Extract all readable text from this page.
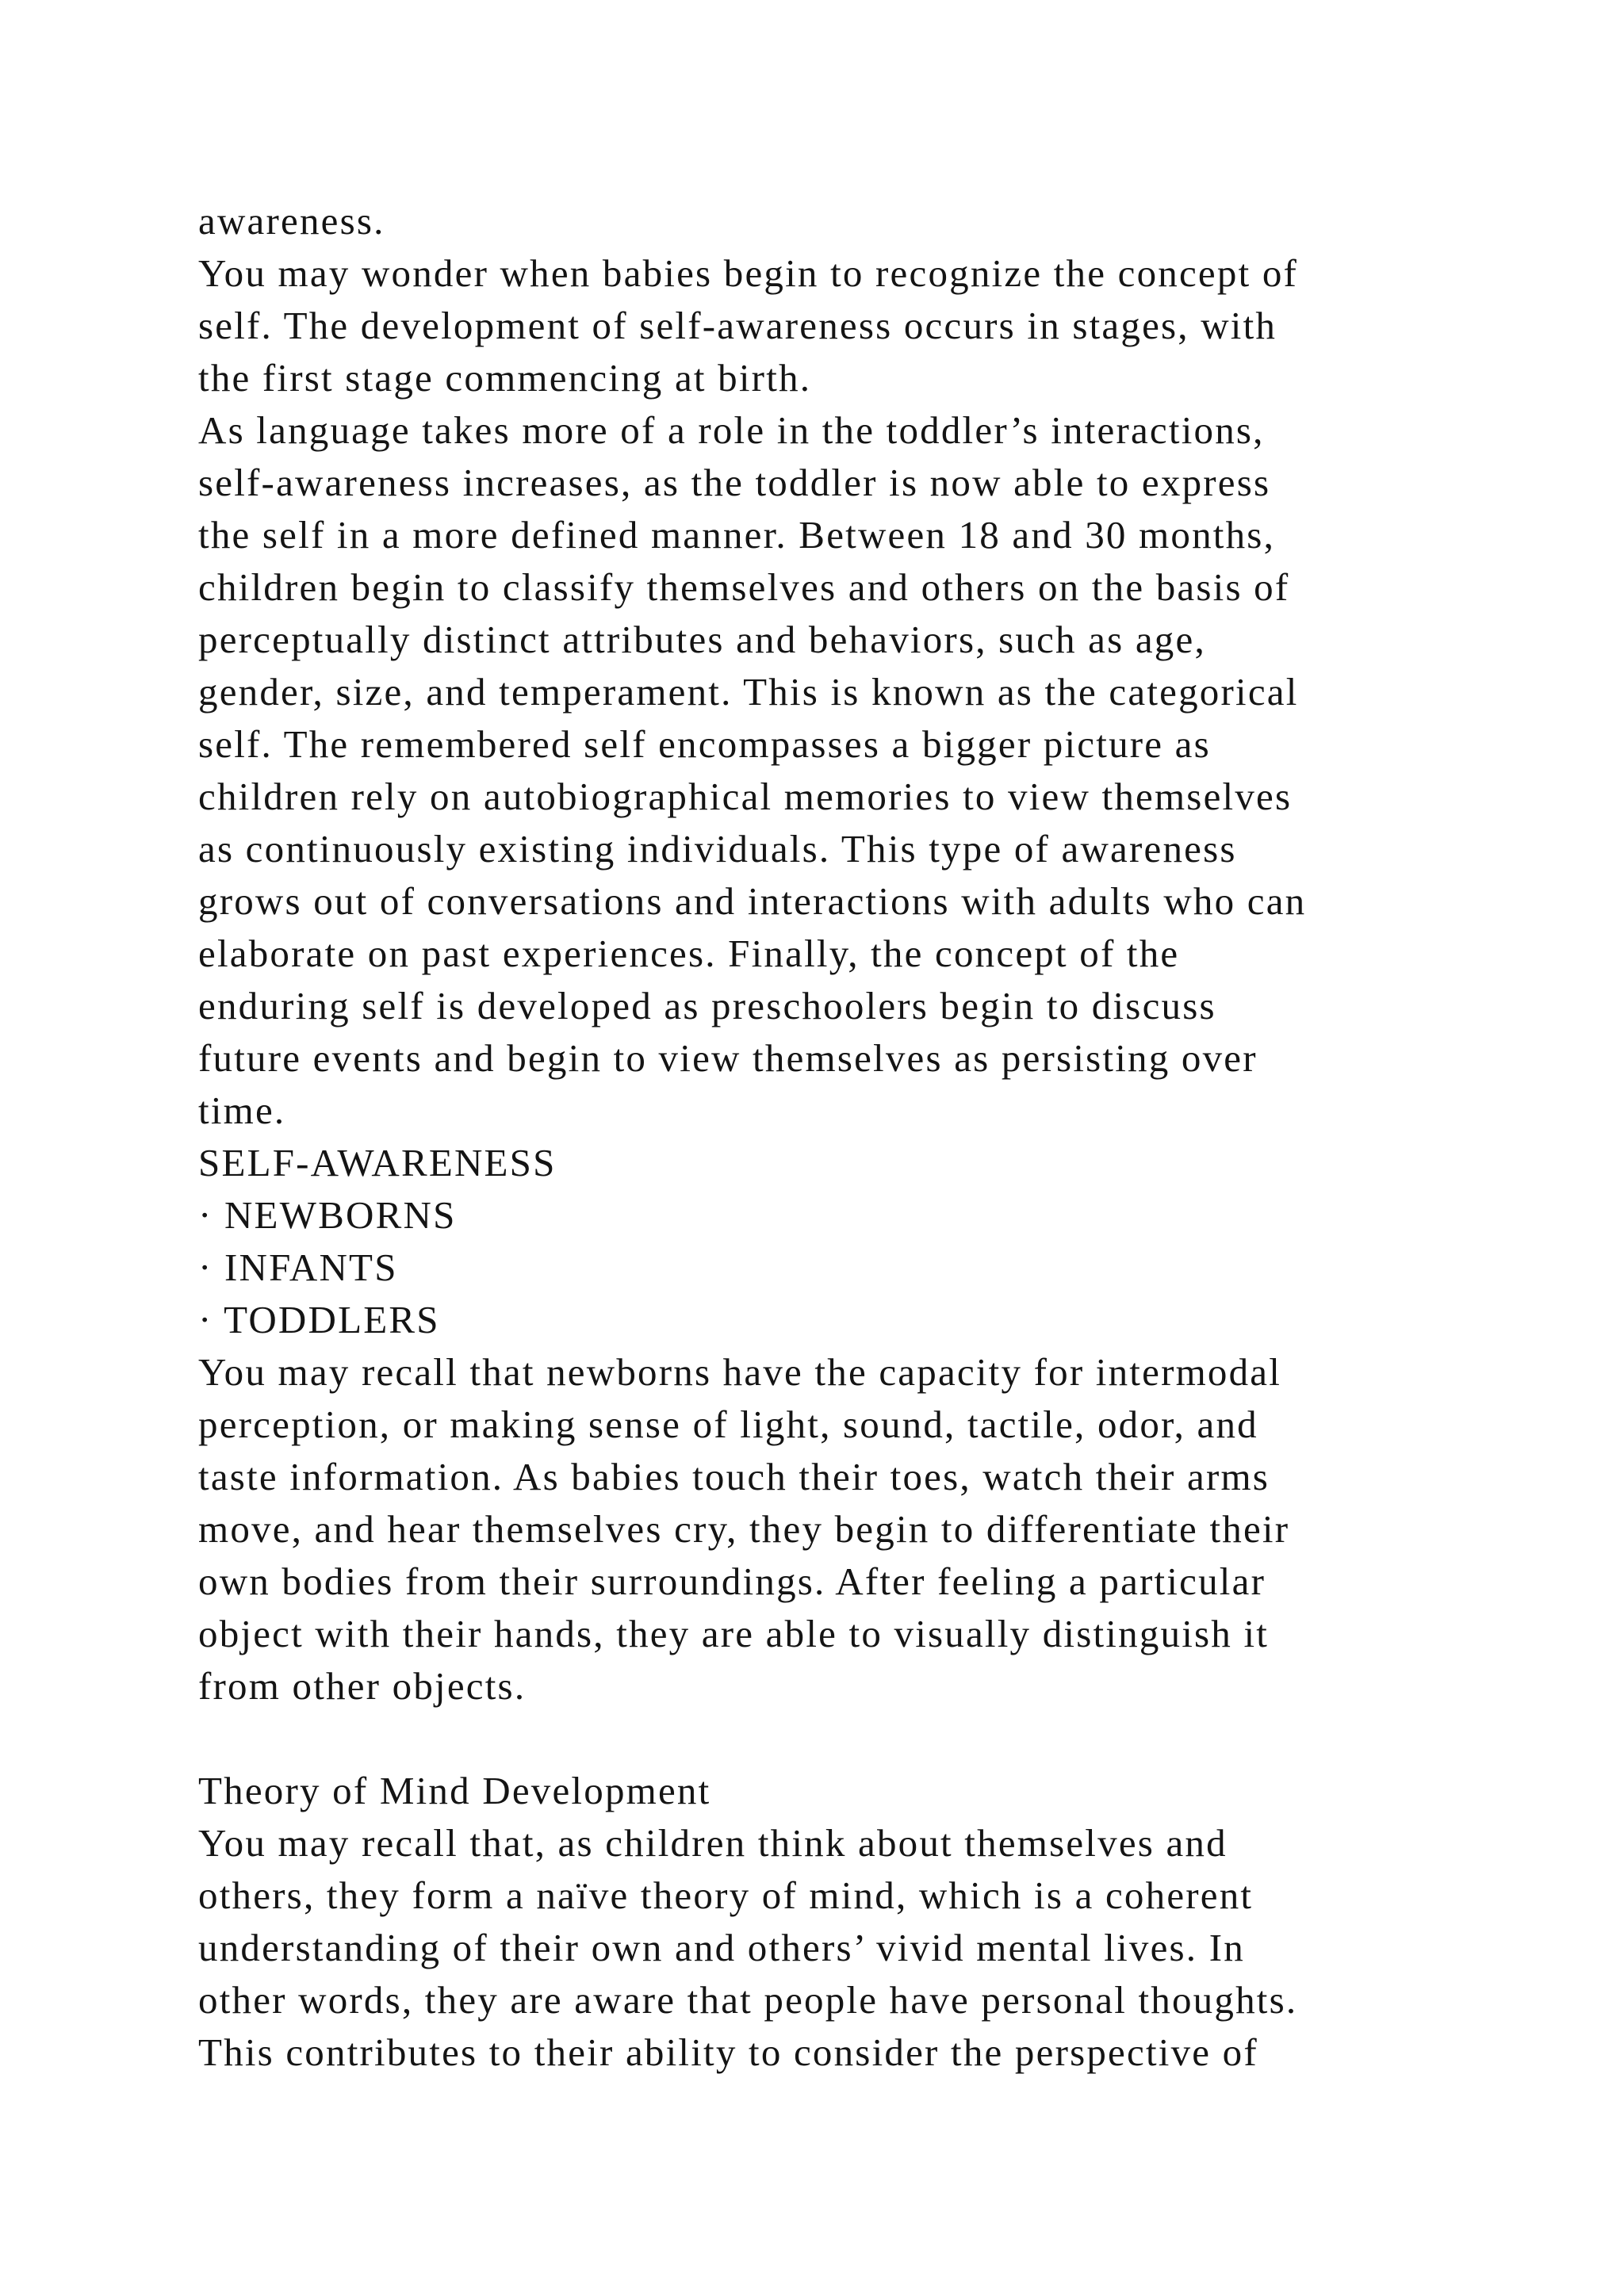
awareness.
You may wonder when babies begin to recognize the concept of
self. The development of self-awareness occurs in stages, with
the first stage commencing at birth.
As language takes more of a role in the toddler’s interactions,
self-awareness increases, as the toddler is now able to express
the self in a more defined manner. Between 18 and 30 months,
children begin to classify themselves and others on the basis of
perceptually distinct attributes and behaviors, such as age,
gender, size, and temperament. This is known as the categorical
self. The remembered self encompasses a bigger picture as
children rely on autobiographical memories to view themselves
as continuously existing individuals. This type of awareness
grows out of conversations and interactions with adults who can
elaborate on past experiences. Finally, the concept of the
enduring self is developed as preschoolers begin to discuss
future events and begin to view themselves as persisting over
time.
SELF-AWARENESS
· NEWBORNS
· INFANTS
· TODDLERS
You may recall that newborns have the capacity for intermodal
perception, or making sense of light, sound, tactile, odor, and
taste information. As babies touch their toes, watch their arms
move, and hear themselves cry, they begin to differentiate their
own bodies from their surroundings. After feeling a particular
object with their hands, they are able to visually distinguish it
from other objects.
Theory of Mind Development
You may recall that, as children think about themselves and
others, they form a naïve theory of mind, which is a coherent
understanding of their own and others’ vivid mental lives. In
other words, they are aware that people have personal thoughts.
This contributes to their ability to consider the perspective of
